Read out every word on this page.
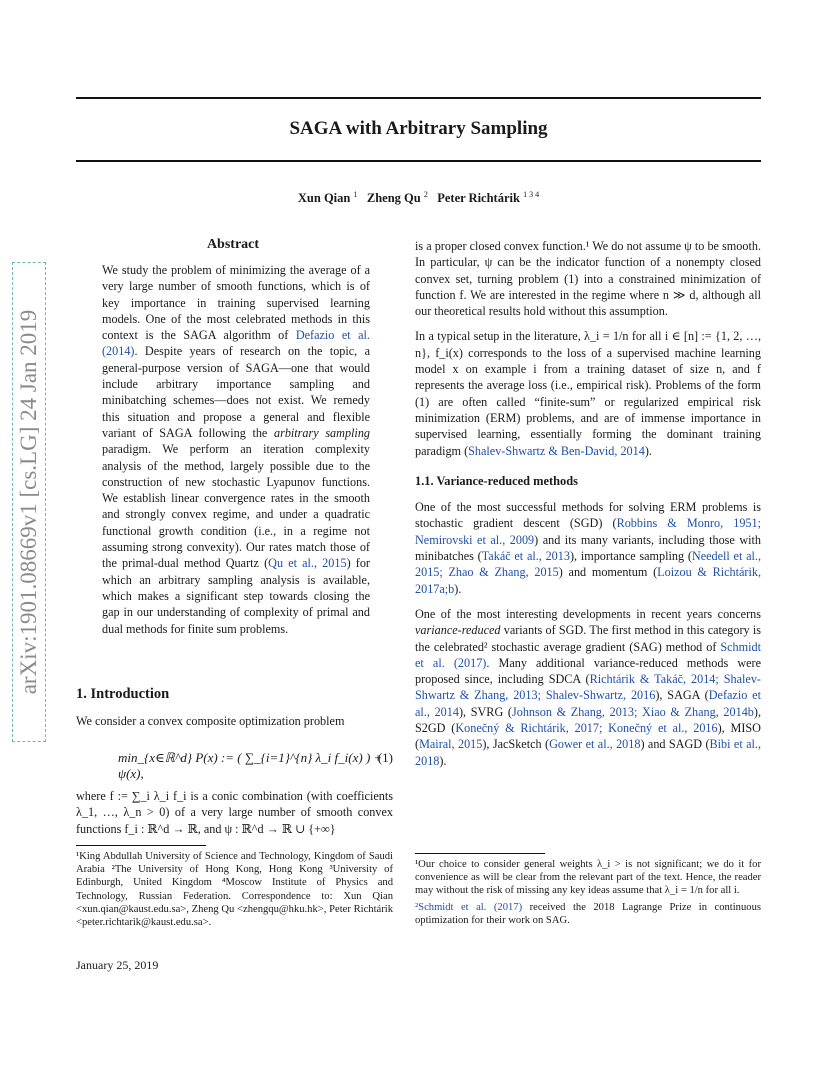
SAGA with Arbitrary Sampling
Xun Qian $^1$ Zheng Qu $^2$ Peter Richtárik $^{1 3 4}$
arXiv:1901.08669v1 [cs.LG] 24 Jan 2019
Abstract

We study the problem of minimizing the average of a very large number of smooth functions, which is of key importance in training supervised learning models. One of the most celebrated methods in this context is the SAGA algorithm of Defazio et al. (2014). Despite years of research on the topic, a general-purpose version of SAGA—one that would include arbitrary importance sampling and minibatching schemes—does not exist. We remedy this situation and propose a general and flexible variant of SAGA following the arbitrary sampling paradigm. We perform an iteration complexity analysis of the method, largely possible due to the construction of new stochastic Lyapunov functions. We establish linear convergence rates in the smooth and strongly convex regime, and under a quadratic functional growth condition (i.e., in a regime not assuming strong convexity). Our rates match those of the primal-dual method Quartz (Qu et al., 2015) for which an arbitrary sampling analysis is available, which makes a significant step towards closing the gap in our understanding of complexity of primal and dual methods for finite sum problems.

1. Introduction

We consider a convex composite optimization problem

min_{x∈ℝ^d} P(x) := ( ∑_{i=1}^{n} λ_i f_i(x) ) + ψ(x),
(1)

where f := ∑_i λ_i f_i is a conic combination (with coefficients λ_1, …, λ_n > 0) of a very large number of smooth convex functions f_i : ℝ^d → ℝ, and ψ : ℝ^d → ℝ ∪ {+∞}

¹King Abdullah University of Science and Technology, Kingdom of Saudi Arabia ²The University of Hong Kong, Hong Kong ³University of Edinburgh, United Kingdom ⁴Moscow Institute of Physics and Technology, Russian Federation. Correspondence to: Xun Qian <xun.qian@kaust.edu.sa>, Zheng Qu <zhengqu@hku.hk>, Peter Richtárik <peter.richtarik@kaust.edu.sa>.

January 25, 2019

is a proper closed convex function.¹ We do not assume ψ to be smooth. In particular, ψ can be the indicator function of a nonempty closed convex set, turning problem (1) into a constrained minimization of function f. We are interested in the regime where n ≫ d, although all our theoretical results hold without this assumption.

In a typical setup in the literature, λ_i = 1/n for all i ∈ [n] := {1, 2, …, n}, f_i(x) corresponds to the loss of a supervised machine learning model x on example i from a training dataset of size n, and f represents the average loss (i.e., empirical risk). Problems of the form (1) are often called “finite-sum” or regularized empirical risk minimization (ERM) problems, and are of immense importance in supervised learning, essentially forming the dominant training paradigm (Shalev-Shwartz & Ben-David, 2014).

1.1. Variance-reduced methods

One of the most successful methods for solving ERM problems is stochastic gradient descent (SGD) (Robbins & Monro, 1951; Nemirovski et al., 2009) and its many variants, including those with minibatches (Takáč et al., 2013), importance sampling (Needell et al., 2015; Zhao & Zhang, 2015) and momentum (Loizou & Richtárik, 2017a;b).

One of the most interesting developments in recent years concerns variance-reduced variants of SGD. The first method in this category is the celebrated² stochastic average gradient (SAG) method of Schmidt et al. (2017). Many additional variance-reduced methods were proposed since, including SDCA (Richtárik & Takáč, 2014; Shalev-Shwartz & Zhang, 2013; Shalev-Shwartz, 2016), SAGA (Defazio et al., 2014), SVRG (Johnson & Zhang, 2013; Xiao & Zhang, 2014b), S2GD (Konečný & Richtárik, 2017; Konečný et al., 2016), MISO (Mairal, 2015), JacSketch (Gower et al., 2018) and SAGD (Bibi et al., 2018).

¹Our choice to consider general weights λ_i > is not significant; we do it for convenience as will be clear from the relevant part of the text. Hence, the reader may without the risk of missing any key ideas assume that λ_i = 1/n for all i.

²Schmidt et al. (2017) received the 2018 Lagrange Prize in continuous optimization for their work on SAG.
